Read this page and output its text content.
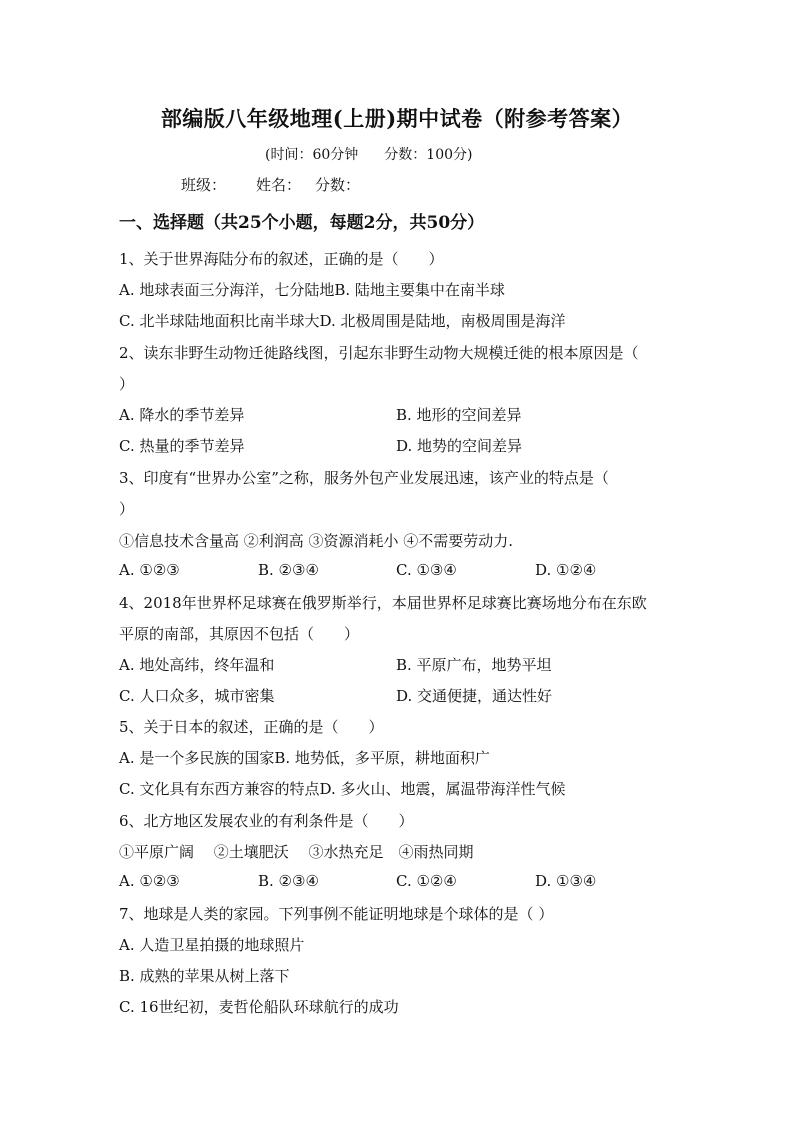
部编版八年级地理(上册)期中试卷（附参考答案）
(时间：60分钟 分数：100分)
班级： 姓名： 分数：
一、选择题（共25个小题，每题2分，共50分）
1、关于世界海陆分布的叙述，正确的是（　　）
A. 地球表面三分海洋，七分陆地B. 陆地主要集中在南半球
C. 北半球陆地面积比南半球大D. 北极周围是陆地，南极周围是海洋
2、读东非野生动物迁徙路线图，引起东非野生动物大规模迁徙的根本原因是（
）
A. 降水的季节差异	B. 地形的空间差异
C. 热量的季节差异	D. 地势的空间差异
3、印度有“世界办公室”之称，服务外包产业发展迅速，该产业的特点是（
）
①信息技术含量高 ②利润高 ③资源消耗小 ④不需要劳动力.
A. ①②③	B. ②③④	C. ①③④	D. ①②④
4、2018年世界杯足球赛在俄罗斯举行，本届世界杯足球赛比赛场地分布在东欧
平原的南部，其原因不包括（　　）
A. 地处高纬，终年温和	B. 平原广布，地势平坦
C. 人口众多，城市密集	D. 交通便捷，通达性好
5、关于日本的叙述，正确的是（　　）
A. 是一个多民族的国家B. 地势低，多平原，耕地面积广
C. 文化具有东西方兼容的特点D. 多火山、地震，属温带海洋性气候
6、北方地区发展农业的有利条件是（　　）
①平原广阔　 ②土壤肥沃　 ③水热充足　④雨热同期
A. ①②③	B. ②③④	C. ①②④	D. ①③④
7、地球是人类的家园。下列事例不能证明地球是个球体的是（ ）
A. 人造卫星拍摄的地球照片
B. 成熟的苹果从树上落下
C. 16世纪初，麦哲伦船队环球航行的成功
